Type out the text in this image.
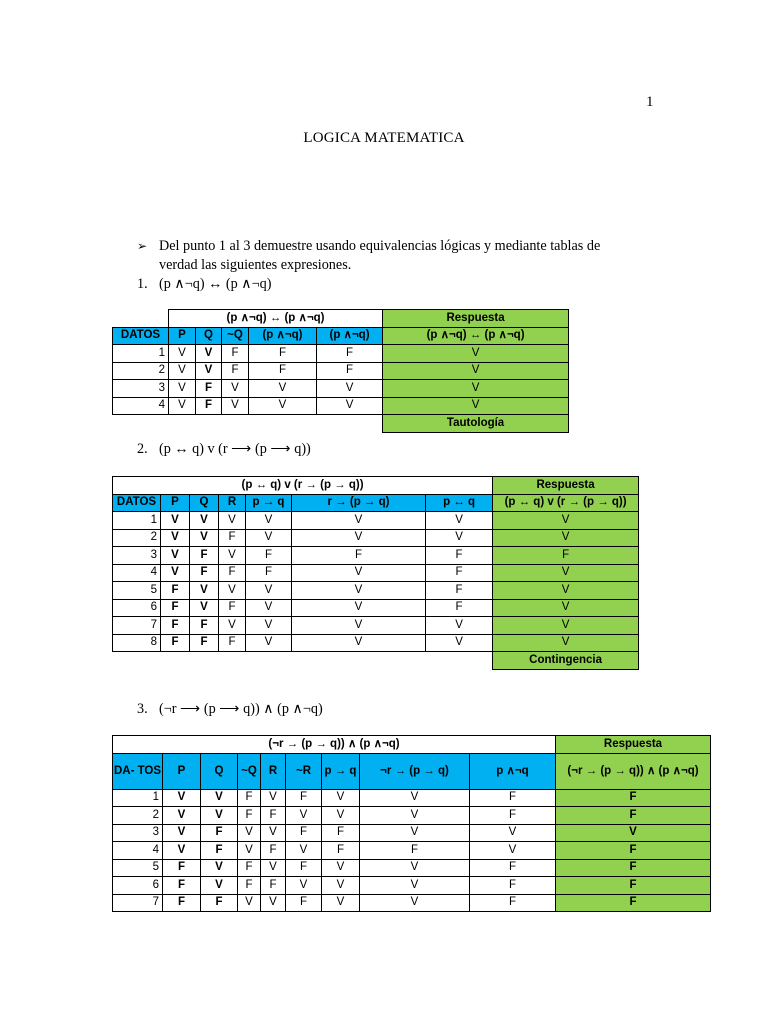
1
LOGICA MATEMATICA
➢ Del punto 1 al 3 demuestre usando equivalencias lógicas y mediante tablas de verdad las siguientes expresiones.
1. (p ∧¬q) ↔ (p ∧¬q)
	(p ∧¬q) ↔ (p ∧¬q)					Respuesta
DATOS	P	Q	~Q	(p ∧¬q)	(p ∧¬q)	(p ∧¬q) ↔ (p ∧¬q)
1	V	V	F	F	F	V
2	V	V	F	F	F	V
3	V	F	V	V	V	V
4	V	F	V	V	V	V
						Tautología
2. (p ↔ q) v (r ⟶ (p ⟶ q))
(p ↔ q) v (r → (p → q))							Respuesta
DATOS	P	Q	R	p → q	r → (p → q)	p ↔ q	(p ↔ q) v (r → (p → q))
1	V	V	V	V	V	V	V
2	V	V	F	V	V	V	V
3	V	F	V	F	F	F	F
4	V	F	F	F	V	F	V
5	F	V	V	V	V	F	V
6	F	V	F	V	V	F	V
7	F	F	V	V	V	V	V
8	F	F	F	V	V	V	V
							Contingencia
3. (¬r ⟶ (p ⟶ q)) ∧ (p ∧¬q)
(¬r → (p → q)) ∧ (p ∧¬q)									Respuesta
DA- TOS	P	Q	~Q	R	~R	p → q	¬r → (p → q)	p ∧¬q	(¬r → (p → q)) ∧ (p ∧¬q)
1	V	V	F	V	F	V	V	F	F
2	V	V	F	F	V	V	V	F	F
3	V	F	V	V	F	F	V	V	V
4	V	F	V	F	V	F	F	V	F
5	F	V	F	V	F	V	V	F	F
6	F	V	F	F	V	V	V	F	F
7	F	F	V	V	F	V	V	F	F
